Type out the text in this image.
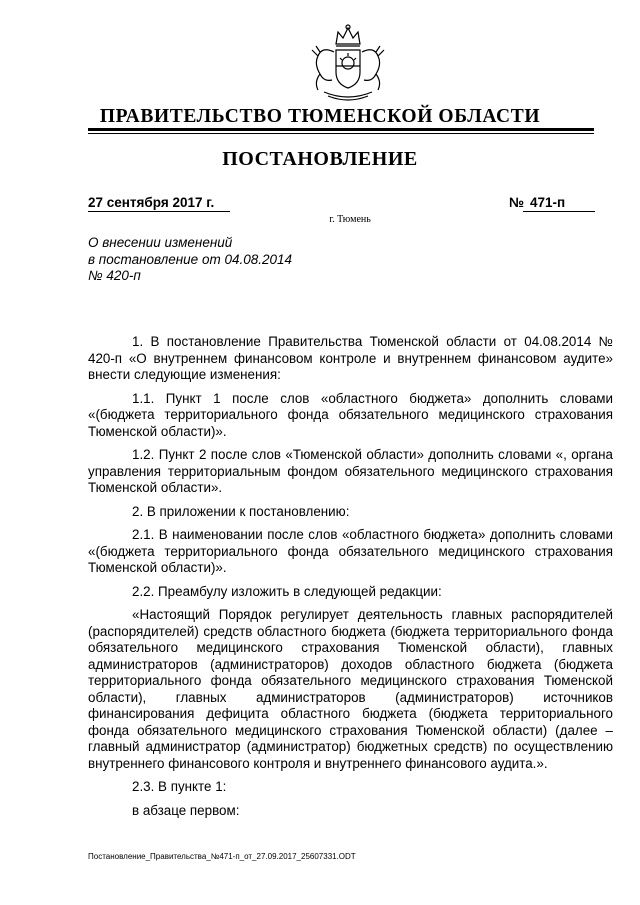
ПРАВИТЕЛЬСТВО ТЮМЕНСКОЙ ОБЛАСТИ
ПОСТАНОВЛЕНИЕ
27 сентября 2017 г.	№ 471-п
г. Тюмень
О внесении изменений
в постановление от 04.08.2014
№ 420-п

1. В постановление Правительства Тюменской области от 04.08.2014 № 420-п «О внутреннем финансовом контроле и внутреннем финансовом аудите» внести следующие изменения:

1.1. Пункт 1 после слов «областного бюджета» дополнить словами «(бюджета территориального фонда обязательного медицинского страхования Тюменской области)».

1.2. Пункт 2 после слов «Тюменской области» дополнить словами «, органа управления территориальным фондом обязательного медицинского страхования Тюменской области».

2. В приложении к постановлению:

2.1. В наименовании после слов «областного бюджета» дополнить словами «(бюджета территориального фонда обязательного медицинского страхования Тюменской области)».

2.2. Преамбулу изложить в следующей редакции:

«Настоящий Порядок регулирует деятельность главных распорядителей (распорядителей) средств областного бюджета (бюджета территориального фонда обязательного медицинского страхования Тюменской области), главных администраторов (администраторов) доходов областного бюджета (бюджета территориального фонда обязательного медицинского страхования Тюменской области), главных администраторов (администраторов) источников финансирования дефицита областного бюджета (бюджета территориального фонда обязательного медицинского страхования Тюменской области) (далее – главный администратор (администратор) бюджетных средств) по осуществлению внутреннего финансового контроля и внутреннего финансового аудита.».

2.3. В пункте 1:

в абзаце первом:

Постановление_Правительства_№471-п_от_27.09.2017_25607331.ODT
